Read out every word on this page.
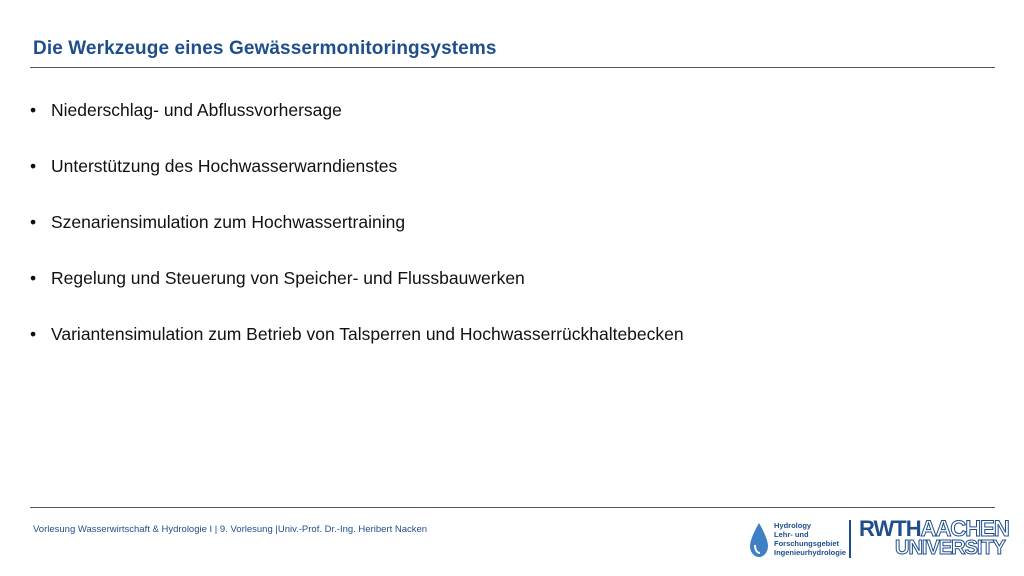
Die Werkzeuge eines Gewässermonitoringsystems
• Niederschlag- und Abflussvorhersage
• Unterstützung des Hochwasserwarndienstes
• Szenariensimulation zum Hochwassertraining
• Regelung und Steuerung von Speicher- und Flussbauwerken
• Variantensimulation zum Betrieb von Talsperren und Hochwasserrückhaltebecken
Vorlesung Wasserwirtschaft & Hydrologie I | 9. Vorlesung |Univ.-Prof. Dr.-Ing. Heribert Nacken	Hydrology
Lehr- und
Forschungsgebiet
Ingenieurhydrologie
RWTHAACHEN
UNIVERSITY
